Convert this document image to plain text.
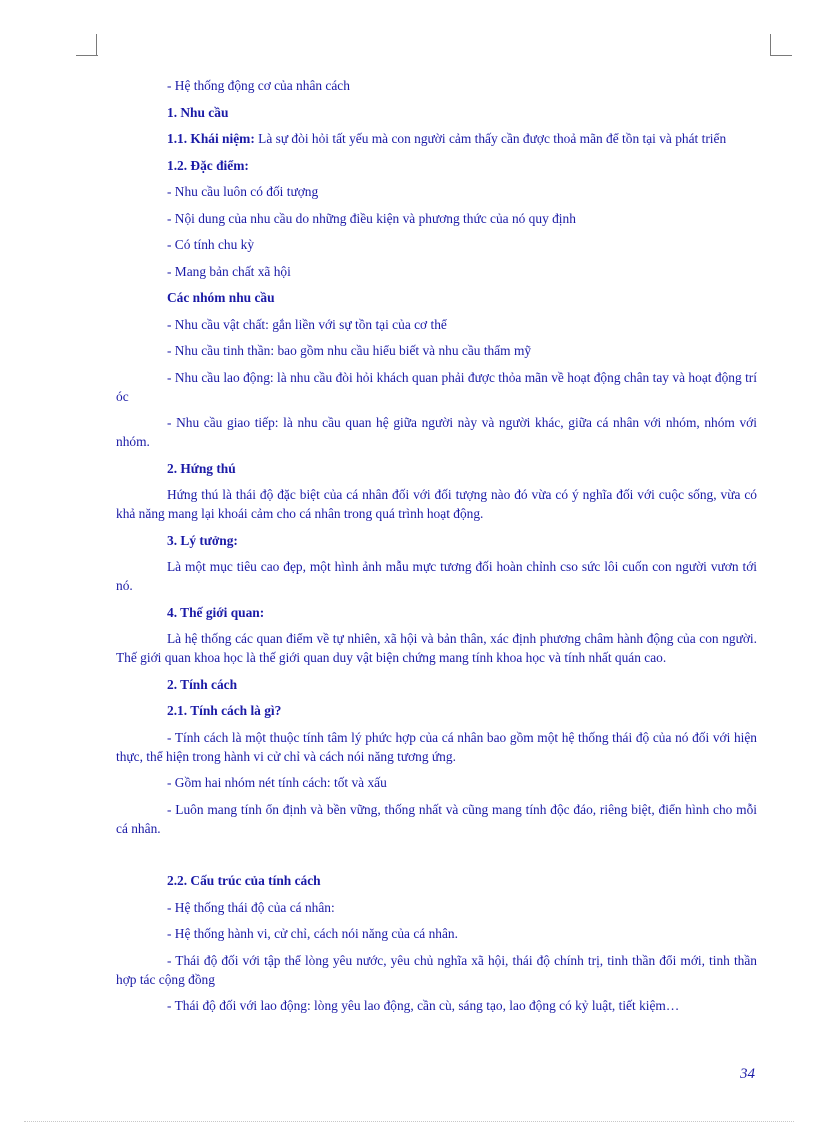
- Hệ thống động cơ của nhân cách

1. Nhu cầu

1.1. Khái niệm: Là sự đòi hỏi tất yếu mà con người cảm thấy cần được thoả mãn để tồn tại và phát triển

1.2. Đặc điểm:

- Nhu cầu luôn có đối tượng

- Nội dung của nhu cầu do những điều kiện và phương thức của nó quy định

- Có tính chu kỳ

- Mang bản chất xã hội

Các nhóm nhu cầu

- Nhu cầu vật chất: gắn liền với sự tồn tại của cơ thể

- Nhu cầu tinh thần: bao gồm nhu cầu hiểu biết và nhu cầu thẩm mỹ

- Nhu cầu lao động: là nhu cầu đòi hỏi khách quan phải được thỏa mãn về hoạt động chân tay và hoạt động trí óc

- Nhu cầu giao tiếp: là nhu cầu quan hệ giữa người này và người khác, giữa cá nhân với nhóm, nhóm với nhóm.

2. Hứng thú

Hứng thú là thái độ đặc biệt của cá nhân đối với đối tượng nào đó vừa có ý nghĩa đối với cuộc sống, vừa có khả năng mang lại khoái cảm cho cá nhân trong quá trình hoạt động.

3. Lý tưởng:

Là một mục tiêu cao đẹp, một hình ảnh mẫu mực tương đối hoàn chỉnh cso sức lôi cuốn con người vươn tới nó.

4. Thế giới quan:

Là hệ thống các quan điểm về tự nhiên, xã hội và bản thân, xác định phương châm hành động của con người. Thế giới quan khoa học là thế giới quan duy vật biện chứng mang tính khoa học và tính nhất quán cao.

2. Tính cách

2.1. Tính cách là gì?

- Tính cách là một thuộc tính tâm lý phức hợp của cá nhân bao gồm một hệ thống thái độ của nó đối với hiện thực, thể hiện trong hành vi cử chỉ và cách nói năng tương ứng.

- Gồm hai nhóm nét tính cách: tốt và xấu

- Luôn mang tính ổn định và bền vững, thống nhất và cũng mang tính độc đáo, riêng biệt, điển hình cho mỗi cá nhân.

2.2. Cấu trúc của tính cách

- Hệ thống thái độ của cá nhân:

- Hệ thống hành vi, cử chỉ, cách nói năng của cá nhân.

- Thái độ đối với tập thể lòng yêu nước, yêu chủ nghĩa xã hội, thái độ chính trị, tinh thần đổi mới, tinh thần hợp tác cộng đồng

- Thái độ đối với lao động: lòng yêu lao động, cần cù, sáng tạo, lao động có kỷ luật, tiết kiệm…

34
